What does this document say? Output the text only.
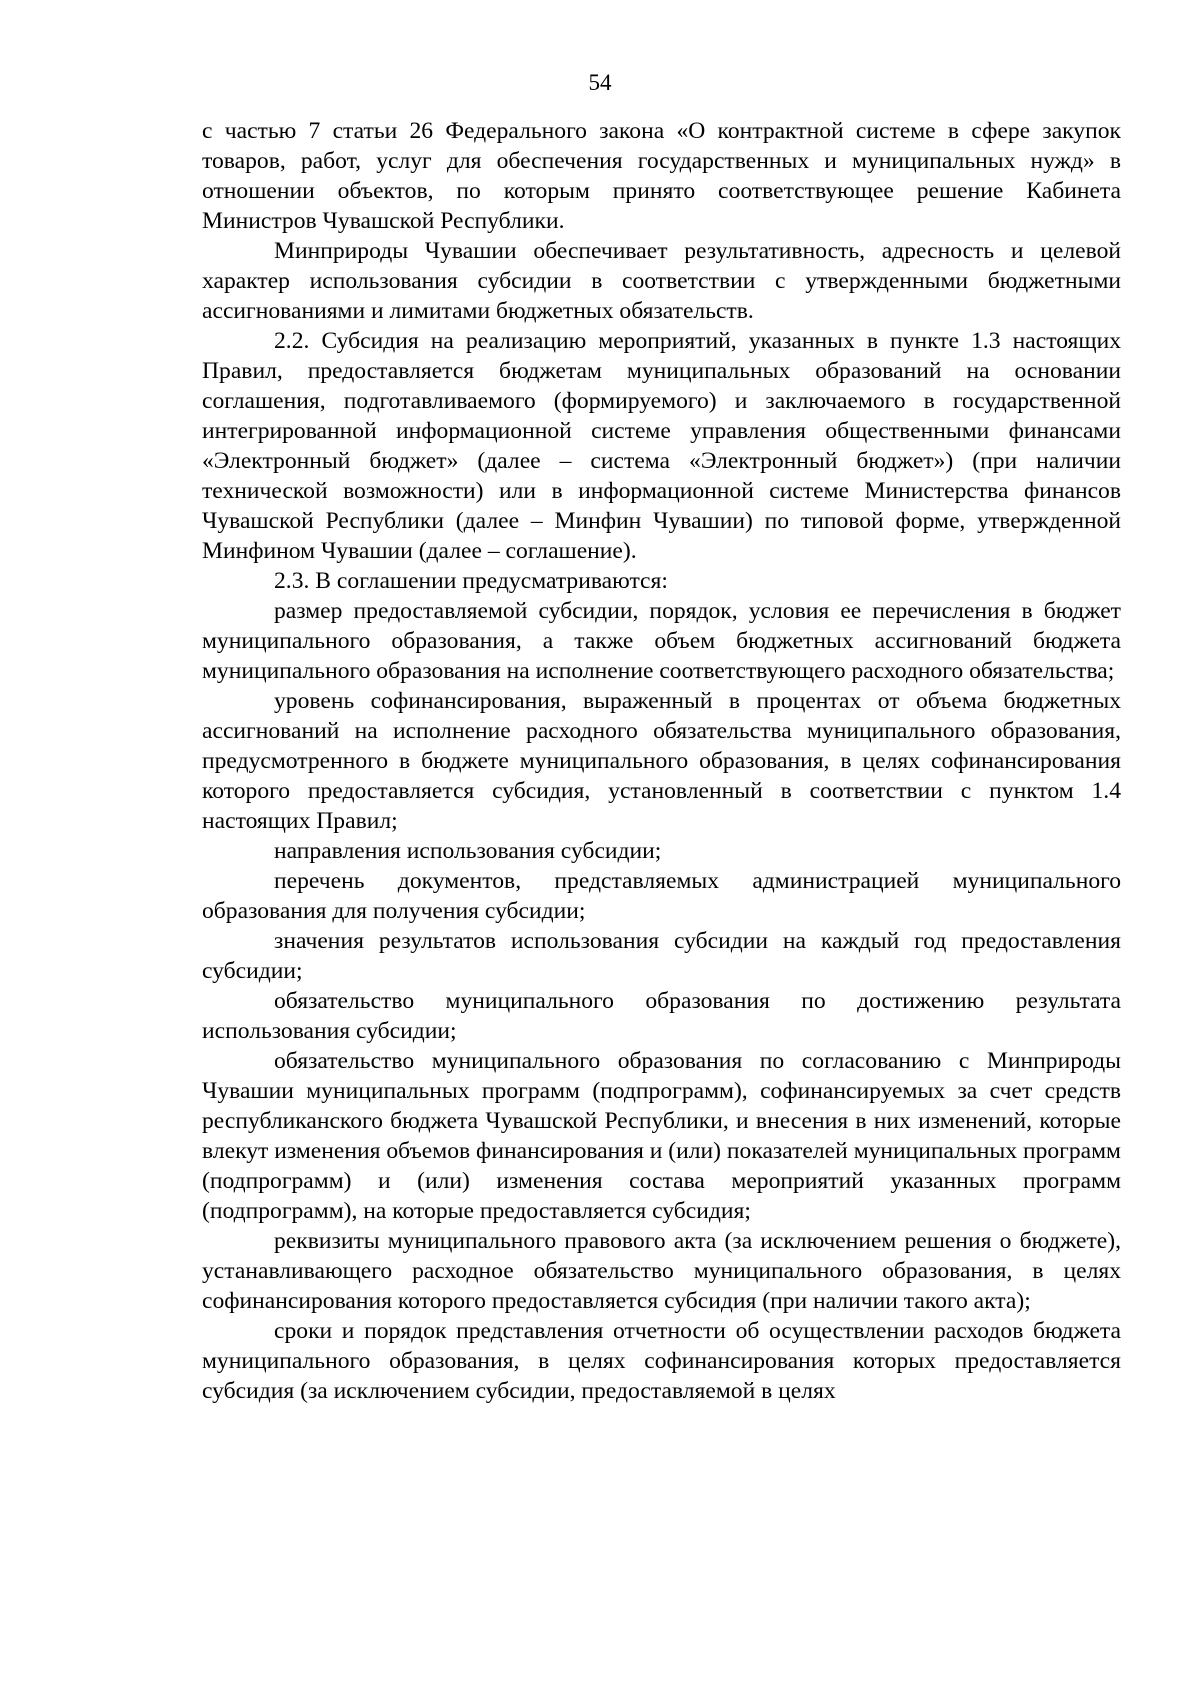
54

с частью 7 статьи 26 Федерального закона «О контрактной системе в сфере закупок товаров, работ, услуг для обеспечения государственных и муниципальных нужд» в отношении объектов, по которым принято соответствующее решение Кабинета Министров Чувашской Республики.

Минприроды Чувашии обеспечивает результативность, адресность и целевой характер использования субсидии в соответствии с утвержденными бюджетными ассигнованиями и лимитами бюджетных обязательств.

2.2. Субсидия на реализацию мероприятий, указанных в пункте 1.3 настоящих Правил, предоставляется бюджетам муниципальных образований на основании соглашения, подготавливаемого (формируемого) и заключаемого в государственной интегрированной информационной системе управления общественными финансами «Электронный бюджет» (далее – система «Электронный бюджет») (при наличии технической возможности) или в информационной системе Министерства финансов Чувашской Республики (далее – Минфин Чувашии) по типовой форме, утвержденной Минфином Чувашии (далее – соглашение).

2.3. В соглашении предусматриваются:

размер предоставляемой субсидии, порядок, условия ее перечисления в бюджет муниципального образования, а также объем бюджетных ассигнований бюджета муниципального образования на исполнение соответствующего расходного обязательства;

уровень софинансирования, выраженный в процентах от объема бюджетных ассигнований на исполнение расходного обязательства муниципального образования, предусмотренного в бюджете муниципального образования, в целях софинансирования которого предоставляется субсидия, установленный в соответствии с пунктом 1.4 настоящих Правил;

направления использования субсидии;

перечень документов, представляемых администрацией муниципального образования для получения субсидии;

значения результатов использования субсидии на каждый год предоставления субсидии;

обязательство муниципального образования по достижению результата использования субсидии;

обязательство муниципального образования по согласованию с Минприроды Чувашии муниципальных программ (подпрограмм), софинансируемых за счет средств республиканского бюджета Чувашской Республики, и внесения в них изменений, которые влекут изменения объемов финансирования и (или) показателей муниципальных программ (подпрограмм) и (или) изменения состава мероприятий указанных программ (подпрограмм), на которые предоставляется субсидия;

реквизиты муниципального правового акта (за исключением решения о бюджете), устанавливающего расходное обязательство муниципального образования, в целях софинансирования которого предоставляется субсидия (при наличии такого акта);

сроки и порядок представления отчетности об осуществлении расходов бюджета муниципального образования, в целях софинансирования которых предоставляется субсидия (за исключением субсидии, предоставляемой в целях
